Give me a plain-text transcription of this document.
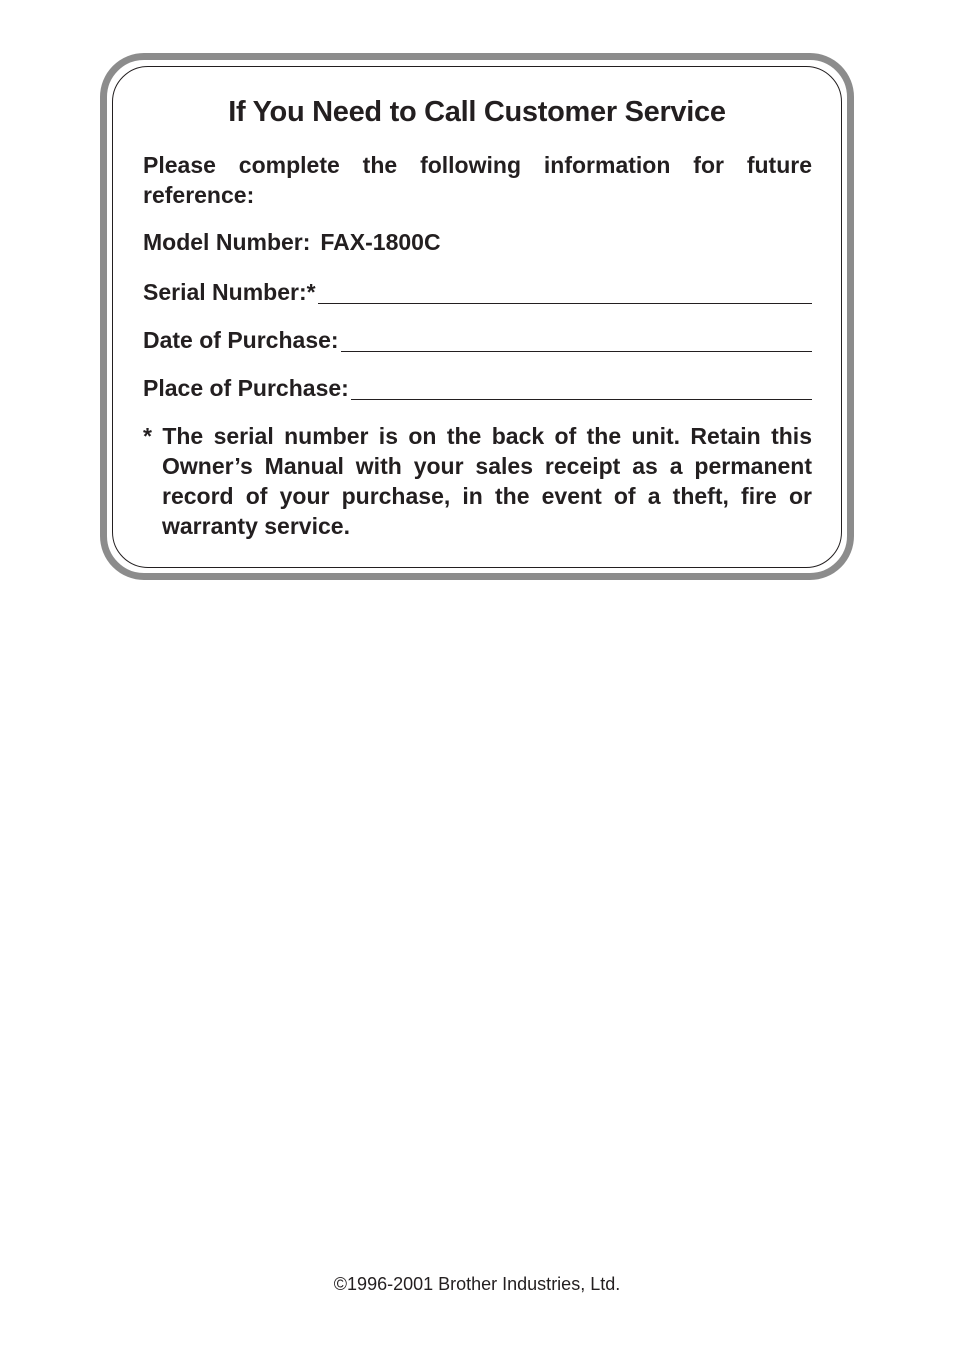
If You Need to Call Customer Service

Please complete the following information for future reference:

Model Number: FAX-1800C
Serial Number:*
Date of Purchase:
Place of Purchase:

* The serial number is on the back of the unit. Retain this Owner’s Manual with your sales receipt as a permanent record of your purchase, in the event of a theft, fire or warranty service.

©1996-2001 Brother Industries, Ltd.
